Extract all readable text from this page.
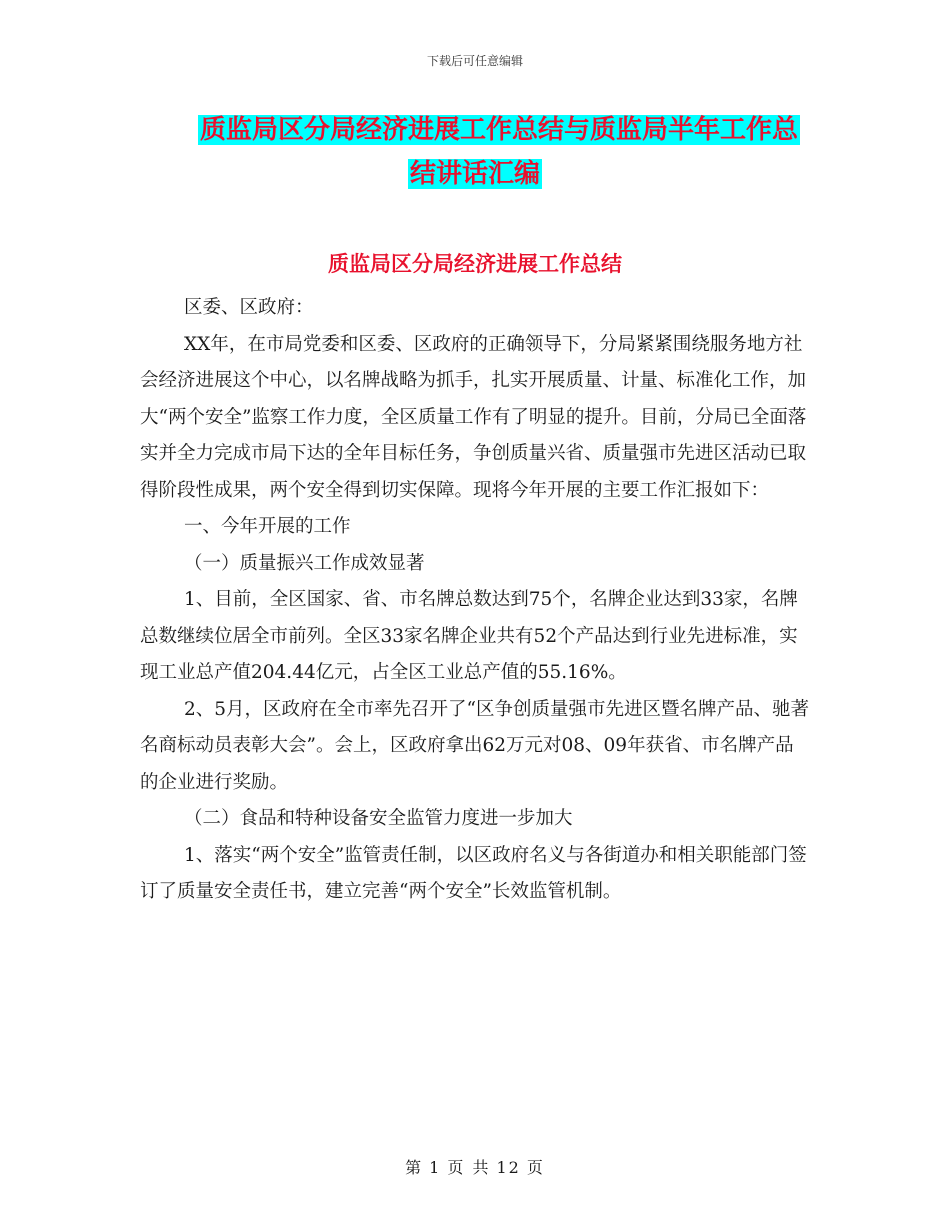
下载后可任意编辑
质监局区分局经济进展工作总结与质监局半年工作总
结讲话汇编
质监局区分局经济进展工作总结

区委、区政府：

XX年，在市局党委和区委、区政府的正确领导下，分局紧紧围绕服务地方社会经济进展这个中心，以名牌战略为抓手，扎实开展质量、计量、标准化工作，加大“两个安全”监察工作力度，全区质量工作有了明显的提升。目前，分局已全面落实并全力完成市局下达的全年目标任务，争创质量兴省、质量强市先进区活动已取得阶段性成果，两个安全得到切实保障。现将今年开展的主要工作汇报如下：

一、今年开展的工作

（一）质量振兴工作成效显著

1、目前，全区国家、省、市名牌总数达到75个，名牌企业达到33家，名牌总数继续位居全市前列。全区33家名牌企业共有52个产品达到行业先进标准，实现工业总产值204.44亿元，占全区工业总产值的55.16%。

2、5月，区政府在全市率先召开了“区争创质量强市先进区暨名牌产品、驰著名商标动员表彰大会”。会上，区政府拿出62万元对08、09年获省、市名牌产品的企业进行奖励。

（二）食品和特种设备安全监管力度进一步加大

1、落实“两个安全”监管责任制，以区政府名义与各街道办和相关职能部门签订了质量安全责任书，建立完善“两个安全”长效监管机制。

第 1 页 共 12 页
